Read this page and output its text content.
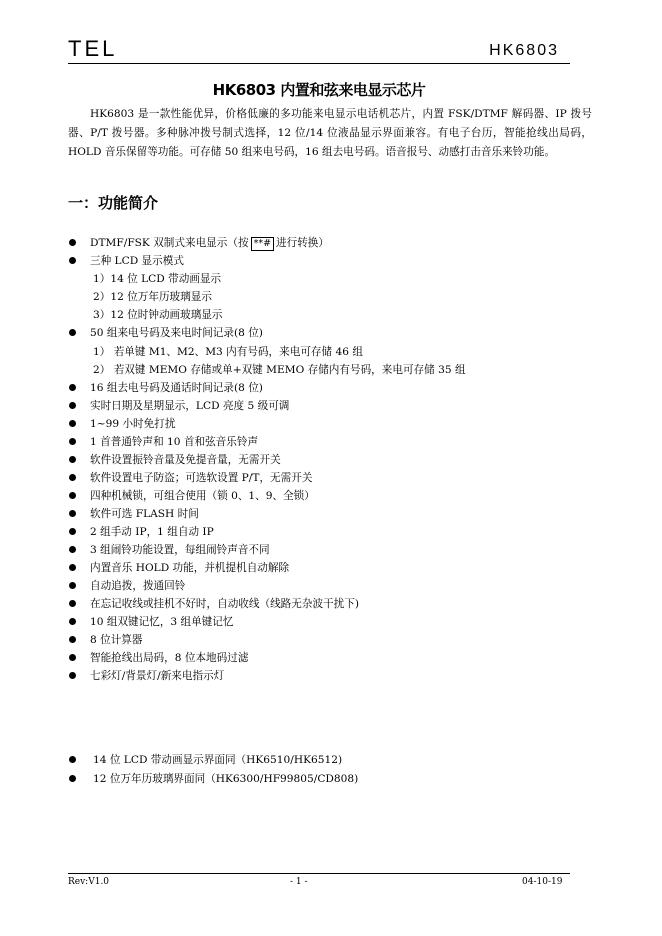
TEL	HK6803
HK6803 内置和弦来电显示芯片
HK6803 是一款性能优异，价格低廉的多功能来电显示电话机芯片，内置 FSK/DTMF 解码器、IP 拨号器、P/T 拨号器。多种脉冲拨号制式选择，12 位/14 位液晶显示界面兼容。有电子台历，智能抢线出局码，HOLD 音乐保留等功能。可存储 50 组来电号码，16 组去电号码。语音报号、动感打击音乐来铃功能。
一：功能简介
DTMF/FSK 双制式来电显示（按 **# 进行转换）
三种 LCD 显示模式
1）14 位 LCD 带动画显示
2）12 位万年历玻璃显示
3）12 位时钟动画玻璃显示
50 组来电号码及来电时间记录(8 位)
1） 若单键 M1、M2、M3 内有号码，来电可存储 46 组
2） 若双键 MEMO 存储或单+双键 MEMO 存储内有号码，来电可存储 35 组
16 组去电号码及通话时间记录(8 位)
实时日期及星期显示，LCD 亮度 5 级可调
1~99 小时免打扰
1 首普通铃声和 10 首和弦音乐铃声
软件设置振铃音量及免提音量，无需开关
软件设置电子防盗；可选软设置 P/T，无需开关
四种机械锁，可组合使用（锁 0、1、9、全锁）
软件可选 FLASH 时间
2 组手动 IP，1 组自动 IP
3 组闹铃功能设置，每组闹铃声音不同
内置音乐 HOLD 功能，并机提机自动解除
自动追拨，拨通回铃
在忘记收线或挂机不好时，自动收线（线路无杂波干扰下)
10 组双键记忆，3 组单键记忆
8 位计算器
智能抢线出局码，8 位本地码过滤
七彩灯/背景灯/新来电指示灯
14 位 LCD 带动画显示界面同（HK6510/HK6512)
12 位万年历玻璃界面同（HK6300/HF99805/CD808)
Rev:V1.0	- 1 -	04-10-19
